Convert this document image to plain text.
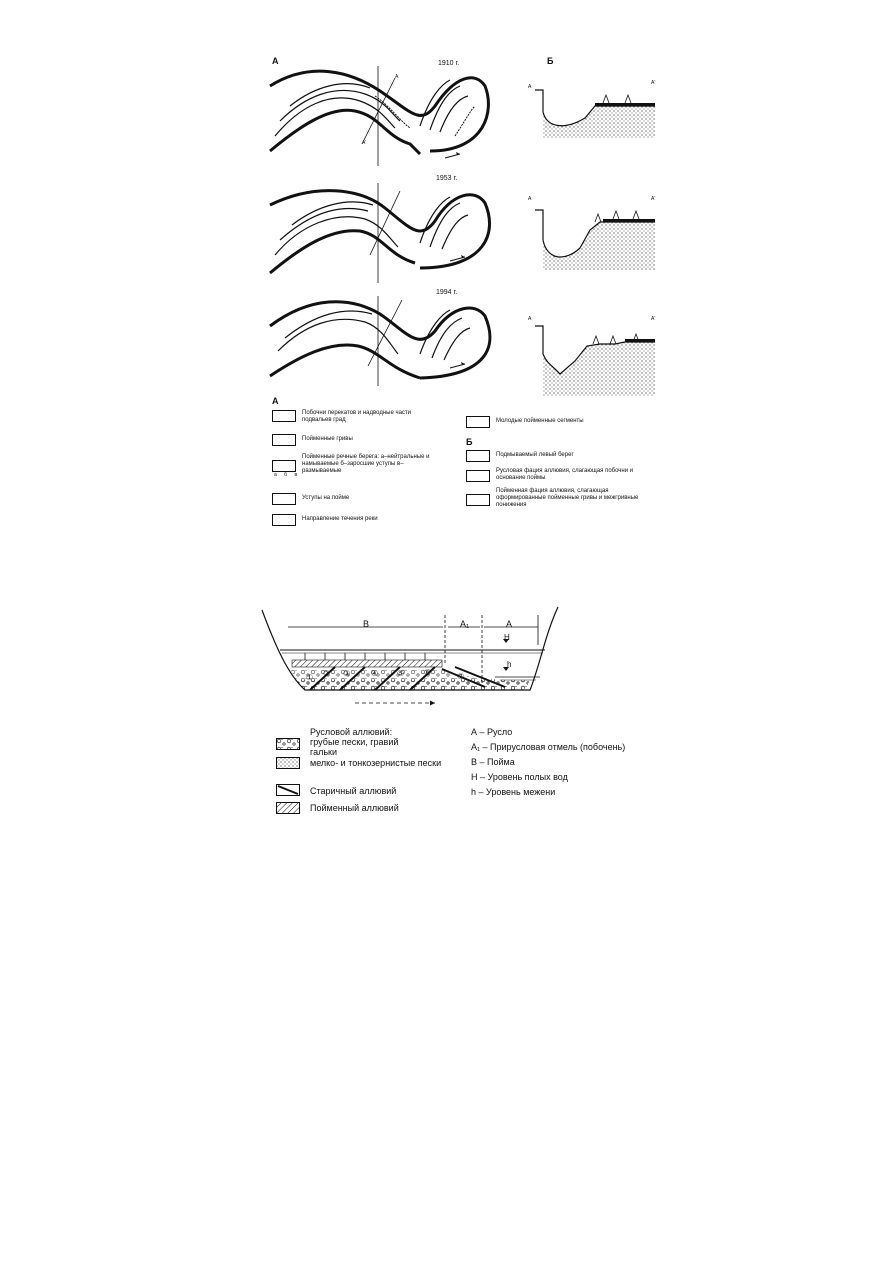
А	Б
1910 г.
А
А'
1953 г.
1994 г.
А
А'
А	А'
А	А'
А
Побочни перекатов и надводные части подвальев град
Пойменные гривы
а б в
Пойменные речные берега: а–нейтральные и намываемые б–заросшие уступы в–размываемые
Уступы на пойме
Направление течения реки
Молодые пойменные сегменты
Б
Подмываемый левый берег
Русловая фация аллювия, слагающая побочни и основание поймы
Пойменная фация аллювия, слагающая оформированные пойменные гривы и межгривные понижения
В	А₁	А
H
h
① ② ③	④ ⑤ ⑥	⑦
Русловой аллювий: грубые пески, гравий гальки
мелко- и тонкозернистые пески
Старичный аллювий
Пойменный аллювий
А – Русло
А₁ – Прирусловая отмель (побочень)
В – Пойма
Н – Уровень полых вод
h – Уровень межени
